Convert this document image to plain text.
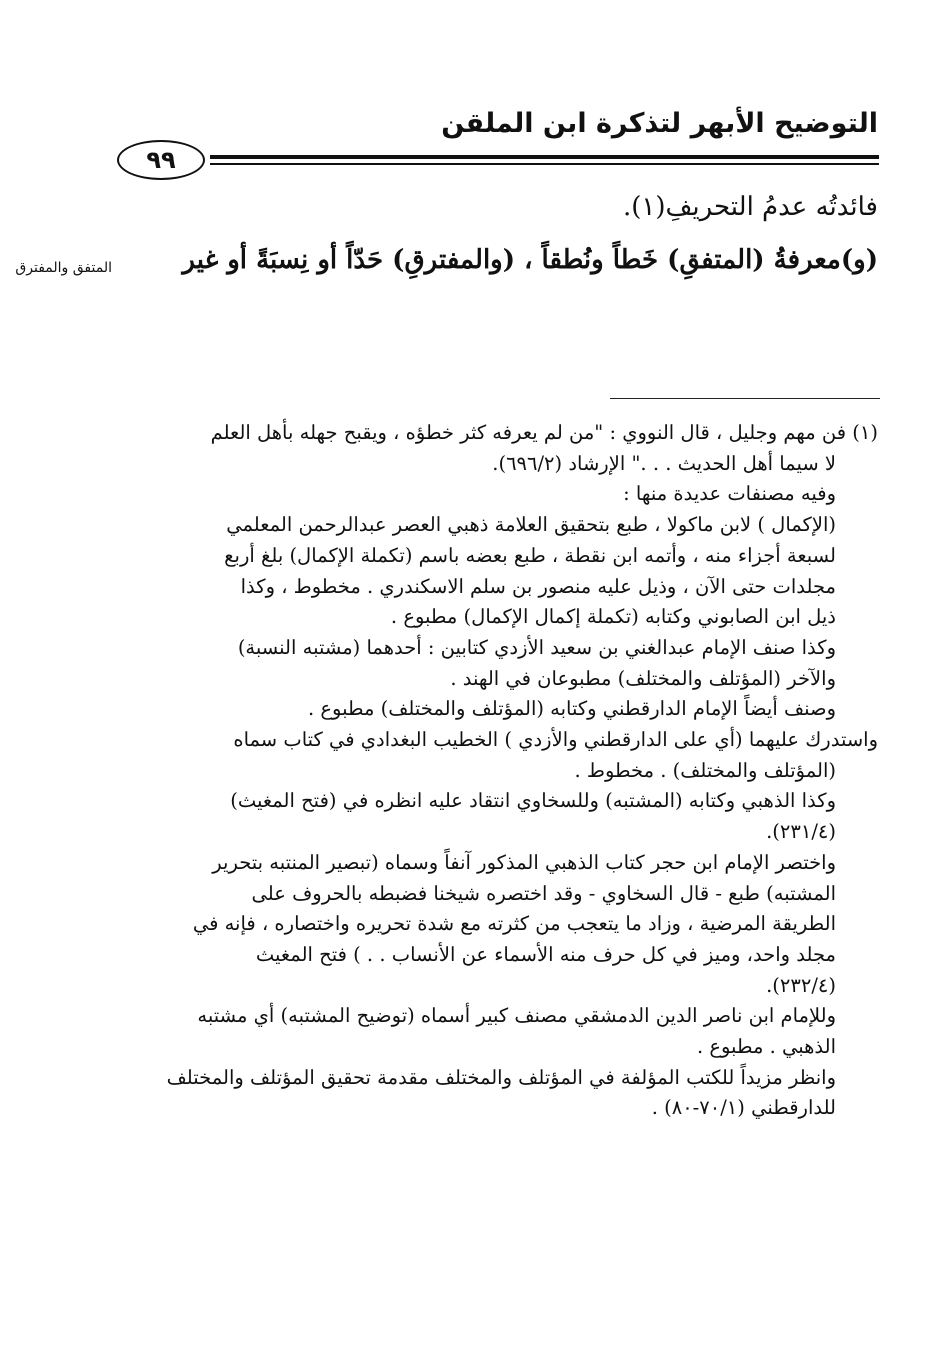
التوضيح الأبهر لتذكرة ابن الملقن
٩٩
فائدتُه عدمُ التحريفِ(١).
(و)معرفةُ (المتفقِ) خَطاً ونُطقاً ، (والمفترقِ) حَدّاً أو نِسبَةً أو غير
المتفق والمفترق
(١) فن مهم وجليل ، قال النووي : "من لم يعرفه كثر خطؤه ، ويقبح جهله بأهل العلم
لا سيما أهل الحديث . . ." الإرشاد (٦٩٦/٢).
وفيه مصنفات عديدة منها :
(الإكمال ) لابن ماكولا ، طبع بتحقيق العلامة ذهبي العصر عبدالرحمن المعلمي
لسبعة أجزاء منه ، وأتمه ابن نقطة ، طبع بعضه باسم (تكملة الإكمال) بلغ أربع
مجلدات حتى الآن ، وذيل عليه منصور بن سلم الاسكندري . مخطوط ، وكذا
ذيل ابن الصابوني وكتابه (تكملة إكمال الإكمال) مطبوع .
وكذا صنف الإمام عبدالغني بن سعيد الأزدي كتابين : أحدهما (مشتبه النسبة)
والآخر (المؤتلف والمختلف) مطبوعان في الهند .
وصنف أيضاً الإمام الدارقطني وكتابه (المؤتلف والمختلف) مطبوع .
واستدرك عليهما (أي على الدارقطني والأزدي ) الخطيب البغدادي في كتاب سماه
(المؤتلف والمختلف) . مخطوط .
وكذا الذهبي وكتابه (المشتبه) وللسخاوي انتقاد عليه انظره في (فتح المغيث)
(٢٣١/٤).
واختصر الإمام ابن حجر كتاب الذهبي المذكور آنفاً وسماه (تبصير المنتبه بتحرير
المشتبه) طبع - قال السخاوي - وقد اختصره شيخنا فضبطه بالحروف على
الطريقة المرضية ، وزاد ما يتعجب من كثرته مع شدة تحريره واختصاره ، فإنه في
مجلد واحد، وميز في كل حرف منه الأسماء عن الأنساب . . ) فتح المغيث
(٢٣٢/٤).
وللإمام ابن ناصر الدين الدمشقي مصنف كبير أسماه (توضيح المشتبه) أي مشتبه
الذهبي . مطبوع .
وانظر مزيداً للكتب المؤلفة في المؤتلف والمختلف مقدمة تحقيق المؤتلف والمختلف
للدارقطني (٧٠/١-٨٠) .
